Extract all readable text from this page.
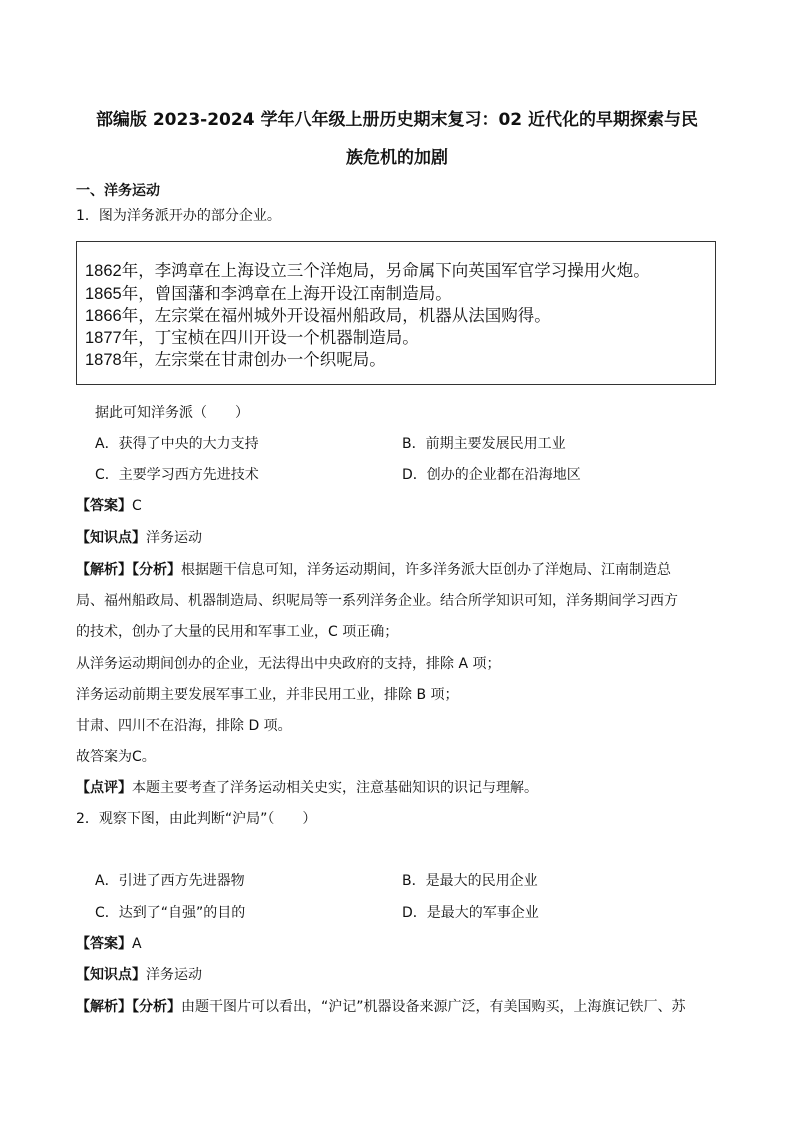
部编版 2023-2024 学年八年级上册历史期末复习：02 近代化的早期探索与民
族危机的加剧
一、洋务运动
1．图为洋务派开办的部分企业。
1862年，李鸿章在上海设立三个洋炮局，另命属下向英国军官学习操用火炮。
1865年，曾国藩和李鸿章在上海开设江南制造局。
1866年，左宗棠在福州城外开设福州船政局，机器从法国购得。
1877年，丁宝桢在四川开设一个机器制造局。
1878年，左宗棠在甘肃创办一个织呢局。
据此可知洋务派（　　）
A．获得了中央的大力支持	B．前期主要发展民用工业
C．主要学习西方先进技术	D．创办的企业都在沿海地区
【答案】C
【知识点】洋务运动
【解析】【分析】根据题干信息可知，洋务运动期间，许多洋务派大臣创办了洋炮局、江南制造总
局、福州船政局、机器制造局、织呢局等一系列洋务企业。结合所学知识可知，洋务期间学习西方
的技术，创办了大量的民用和军事工业，C 项正确；
从洋务运动期间创办的企业，无法得出中央政府的支持，排除 A 项；
洋务运动前期主要发展军事工业，并非民用工业，排除 B 项；
甘肃、四川不在沿海，排除 D 项。
故答案为C。
【点评】本题主要考查了洋务运动相关史实，注意基础知识的识记与理解。
2．观察下图，由此判断“沪局”（　　）
A．引进了西方先进器物	B．是最大的民用企业
C．达到了“自强”的目的	D．是最大的军事企业
【答案】A
【知识点】洋务运动
【解析】【分析】由题干图片可以看出，“沪记”机器设备来源广泛，有美国购买，上海旗记铁厂、苏
